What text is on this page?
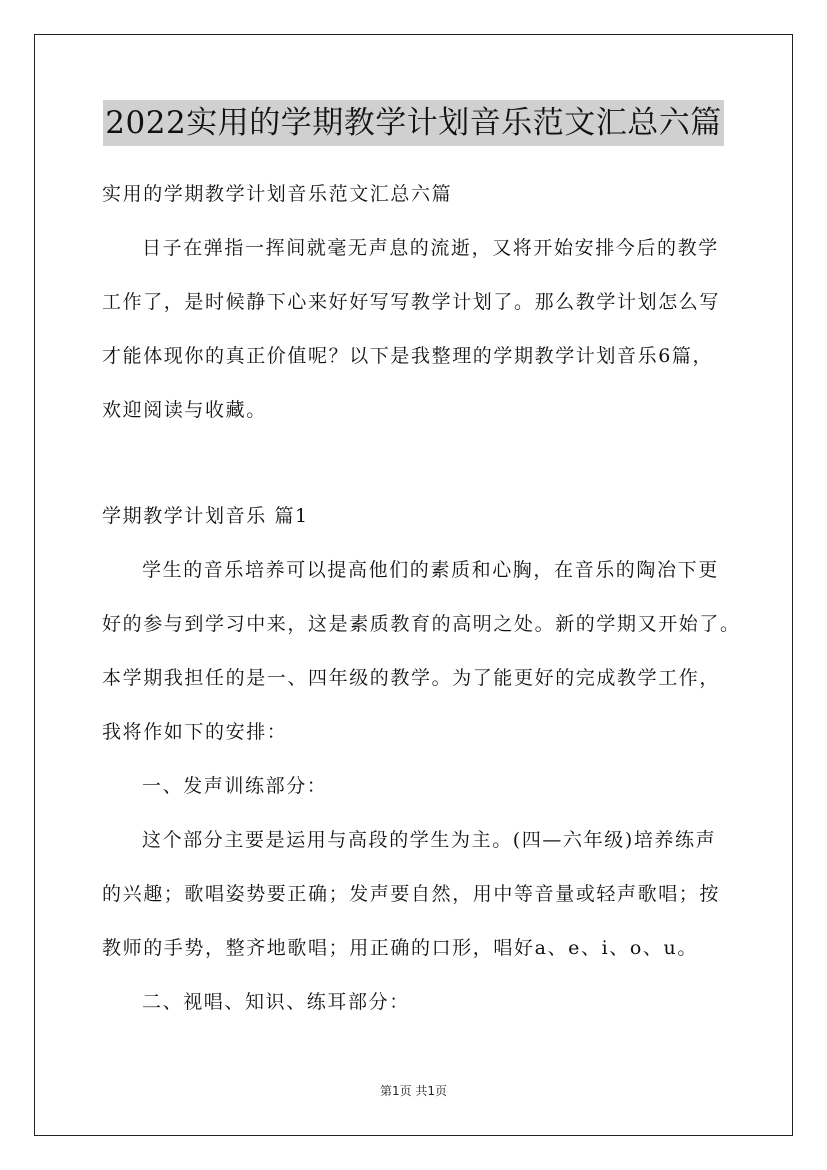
2022实用的学期教学计划音乐范文汇总六篇
实用的学期教学计划音乐范文汇总六篇
日子在弹指一挥间就毫无声息的流逝，又将开始安排今后的教学
工作了，是时候静下心来好好写写教学计划了。那么教学计划怎么写
才能体现你的真正价值呢？以下是我整理的学期教学计划音乐6篇，
欢迎阅读与收藏。
学期教学计划音乐 篇1
学生的音乐培养可以提高他们的素质和心胸，在音乐的陶冶下更
好的参与到学习中来，这是素质教育的高明之处。新的学期又开始了。
本学期我担任的是一、四年级的教学。为了能更好的完成教学工作，
我将作如下的安排：
一、发声训练部分：
这个部分主要是运用与高段的学生为主。(四—六年级)培养练声
的兴趣；歌唱姿势要正确；发声要自然，用中等音量或轻声歌唱；按
教师的手势，整齐地歌唱；用正确的口形，唱好a、e、i、o、u。
二、视唱、知识、练耳部分：
第1页 共1页
